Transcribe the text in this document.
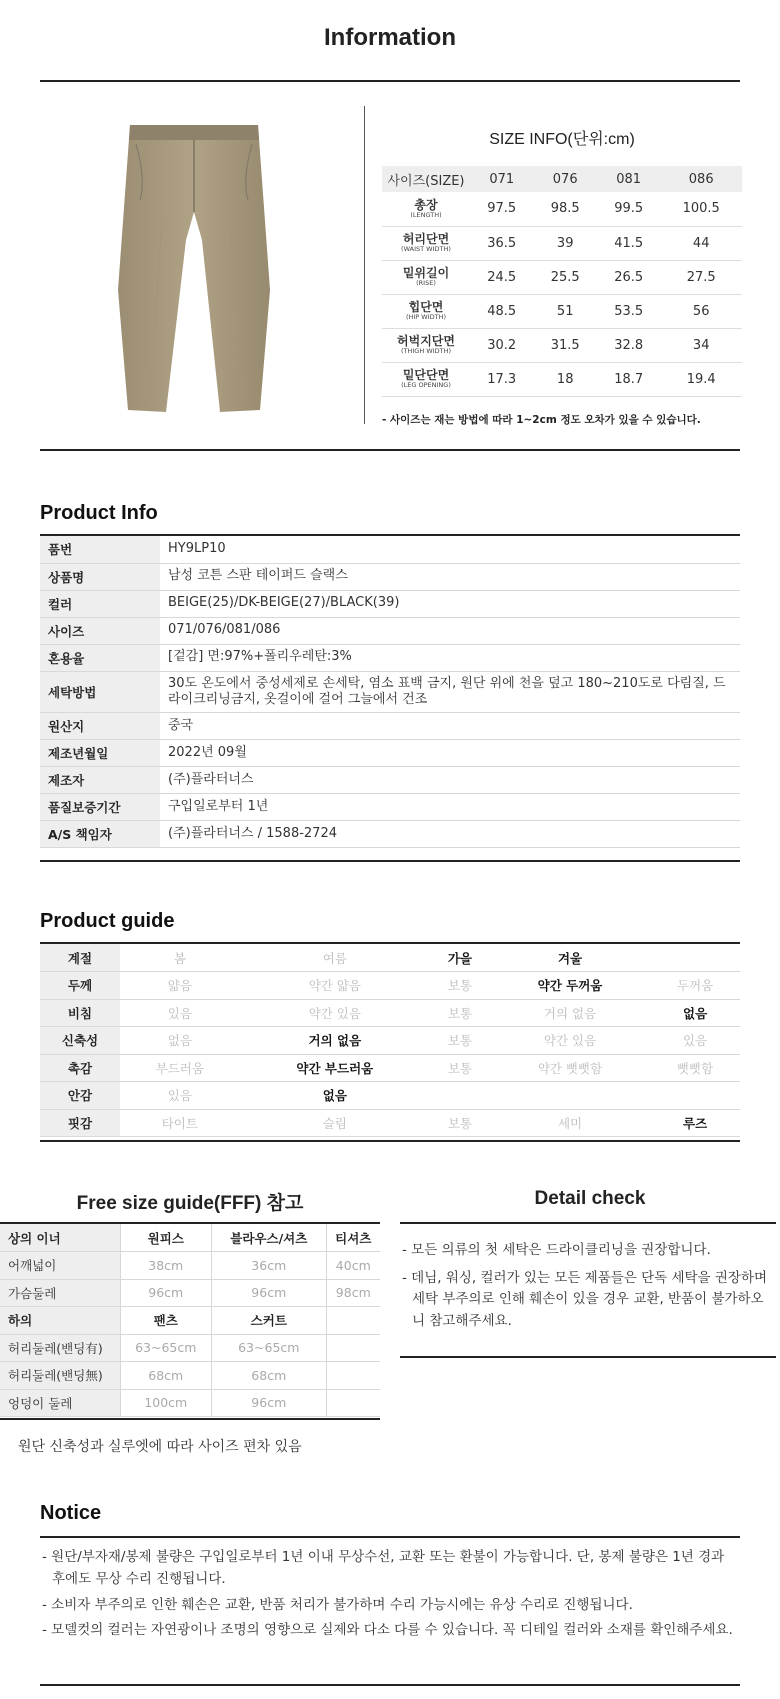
Information
SIZE INFO(단위:cm)
사이즈(SIZE)	071	076	081	086

총장
(LENGTH)	97.5	98.5	99.5	100.5

허리단면
(WAIST WIDTH)	36.5	39	41.5	44

밑위길이
(RISE)	24.5	25.5	26.5	27.5

힙단면
(HIP WIDTH)	48.5	51	53.5	56

허벅지단면
(THIGH WIDTH)	30.2	31.5	32.8	34

밑단단면
(LEG OPENING)	17.3	18	18.7	19.4
- 사이즈는 재는 방법에 따라 1~2cm 정도 오차가 있을 수 있습니다.
Product Info
품번	HY9LP10
상품명	남성 코튼 스판 테이퍼드 슬랙스
컬러	BEIGE(25)/DK-BEIGE(27)/BLACK(39)
사이즈	071/076/081/086
혼용율	[겉감] 면:97%+폴리우레탄:3%
세탁방법	30도 온도에서 중성세제로 손세탁, 염소 표백 금지, 원단 위에 천을 덮고 180~210도로 다림질, 드라이크리닝금지, 옷걸이에 걸어 그늘에서 건조
원산지	중국
제조년월일	2022년 09월
제조자	(주)플라터너스
품질보증기간	구입일로부터 1년
A/S 책임자	(주)플라터너스 / 1588-2724
Product guide
계절	봄	여름	가을	겨울	
두께	얇음	약간 얇음	보통	약간 두꺼움	두꺼움
비침	있음	약간 있음	보통	거의 없음	없음
신축성	없음	거의 없음	보통	약간 있음	있음
촉감	부드러움	약간 부드러움	보통	약간 뻣뻣함	뻣뻣함
안감	있음	없음			
핏감	타이트	슬림	보통	세미	루즈
Free size guide(FFF) 참고
상의 이너	원피스	블라우스/셔츠	티셔츠
어깨넓이	38cm	36cm	40cm
가슴둘레	96cm	96cm	98cm
하의	팬츠	스커트	
허리둘레(밴딩有)	63~65cm	63~65cm	
허리둘레(밴딩無)	68cm	68cm	
엉덩이 둘레	100cm	96cm	
원단 신축성과 실루엣에 따라 사이즈 편차 있음
Detail check
- 모든 의류의 첫 세탁은 드라이클리닝을 권장합니다.
- 데님, 워싱, 컬러가 있는 모든 제품들은 단독 세탁을 권장하며 세탁 부주의로 인해 훼손이 있을 경우 교환, 반품이 불가하오니 참고해주세요.
Notice
- 원단/부자재/봉제 불량은 구입일로부터 1년 이내 무상수선, 교환 또는 환불이 가능합니다. 단, 봉제 불량은 1년 경과 후에도 무상 수리 진행됩니다.
- 소비자 부주의로 인한 훼손은 교환, 반품 처리가 불가하며 수리 가능시에는 유상 수리로 진행됩니다.
- 모델컷의 컬러는 자연광이나 조명의 영향으로 실제와 다소 다를 수 있습니다. 꼭 디테일 컬러와 소재를 확인해주세요.
